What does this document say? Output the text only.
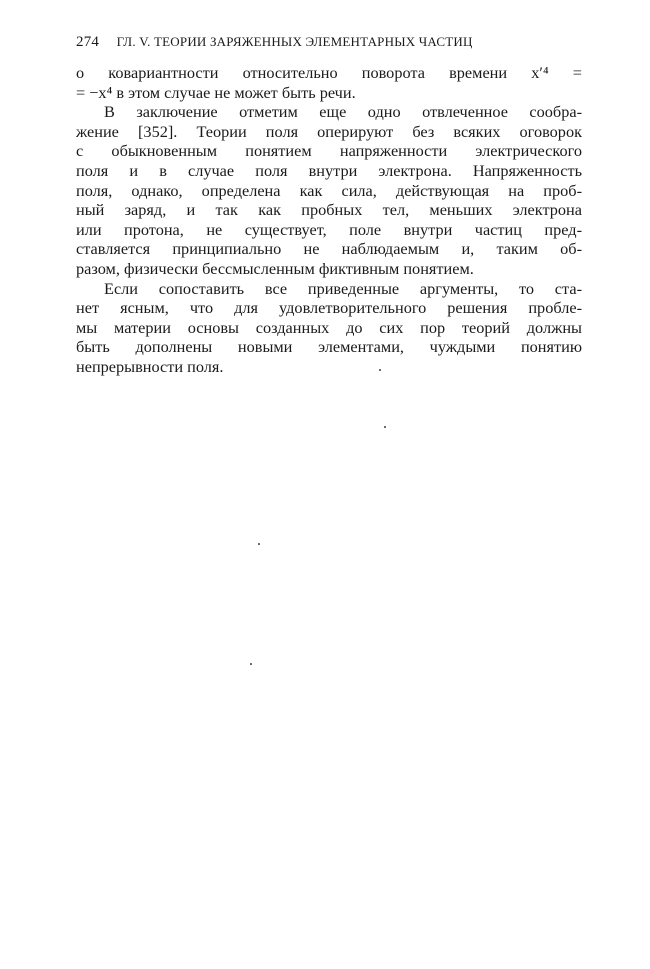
274 ГЛ. V. ТЕОРИИ ЗАРЯЖЕННЫХ ЭЛЕМЕНТАРНЫХ ЧАСТИЦ
о ковариантности относительно поворота времени x′⁴ =
= −x⁴ в этом случае не может быть речи.
В заключение отметим еще одно отвлеченное сообра-
жение [352]. Теории поля оперируют без всяких оговорок
с обыкновенным понятием напряженности электрического
поля и в случае поля внутри электрона. Напряженность
поля, однако, определена как сила, действующая на проб-
ный заряд, и так как пробных тел, меньших электрона
или протона, не существует, поле внутри частиц пред-
ставляется принципиально не наблюдаемым и, таким об-
разом, физически бессмысленным фиктивным понятием.
Если сопоставить все приведенные аргументы, то ста-
нет ясным, что для удовлетворительного решения пробле-
мы материи основы созданных до сих пор теорий должны
быть дополнены новыми элементами, чуждыми понятию
непрерывности поля.
